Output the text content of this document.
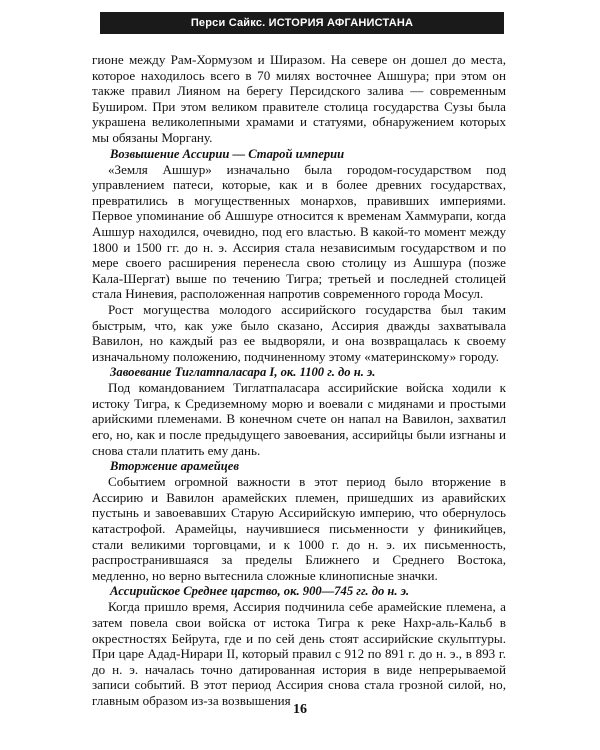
Перси Сайкс. ИСТОРИЯ АФГАНИСТАНА

гионе между Рам-Хормузом и Ширазом. На севере он дошел до места, которое находилось всего в 70 милях восточнее Ашшура; при этом он также правил Лияном на берегу Персидского залива — современным Буширом. При этом великом правителе столица государства Сузы была украшена великолепными храмами и статуями, обнаружением которых мы обязаны Моргану.

Возвышение Ассирии — Старой империи

«Земля Ашшур» изначально была городом-государством под управлением патеси, которые, как и в более древних государствах, превратились в могущественных монархов, правивших империями. Первое упоминание об Ашшуре относится к временам Хаммурапи, когда Ашшур находился, очевидно, под его властью. В какой-то момент между 1800 и 1500 гг. до н. э. Ассирия стала независимым государством и по мере своего расширения перенесла свою столицу из Ашшура (позже Кала-Шергат) выше по течению Тигра; третьей и последней столицей стала Ниневия, расположенная напротив современного города Мосул.

Рост могущества молодого ассирийского государства был таким быстрым, что, как уже было сказано, Ассирия дважды захватывала Вавилон, но каждый раз ее выдворяли, и она возвращалась к своему изначальному положению, подчиненному этому «материнскому» городу.

Завоевание Тиглатпаласара I, ок. 1100 г. до н. э.

Под командованием Тиглатпаласара ассирийские войска ходили к истоку Тигра, к Средиземному морю и воевали с мидянами и простыми арийскими племенами. В конечном счете он напал на Вавилон, захватил его, но, как и после предыдущего завоевания, ассирийцы были изгнаны и снова стали платить ему дань.

Вторжение арамейцев

Событием огромной важности в этот период было вторжение в Ассирию и Вавилон арамейских племен, пришедших из аравийских пустынь и завоевавших Старую Ассирийскую империю, что обернулось катастрофой. Арамейцы, научившиеся письменности у финикийцев, стали великими торговцами, и к 1000 г. до н. э. их письменность, распространившаяся за пределы Ближнего и Среднего Востока, медленно, но верно вытеснила сложные клинописные значки.

Ассирийское Среднее царство, ок. 900—745 гг. до н. э.

Когда пришло время, Ассирия подчинила себе арамейские племена, а затем повела свои войска от истока Тигра к реке Нахр-аль-Кальб в окрестностях Бейрута, где и по сей день стоят ассирийские скульптуры. При царе Адад-Нирари II, который правил с 912 по 891 г. до н. э., в 893 г. до н. э. началась точно датированная история в виде непрерываемой записи событий. В этот период Ассирия снова стала грозной силой, но, главным образом из-за возвышения

16
